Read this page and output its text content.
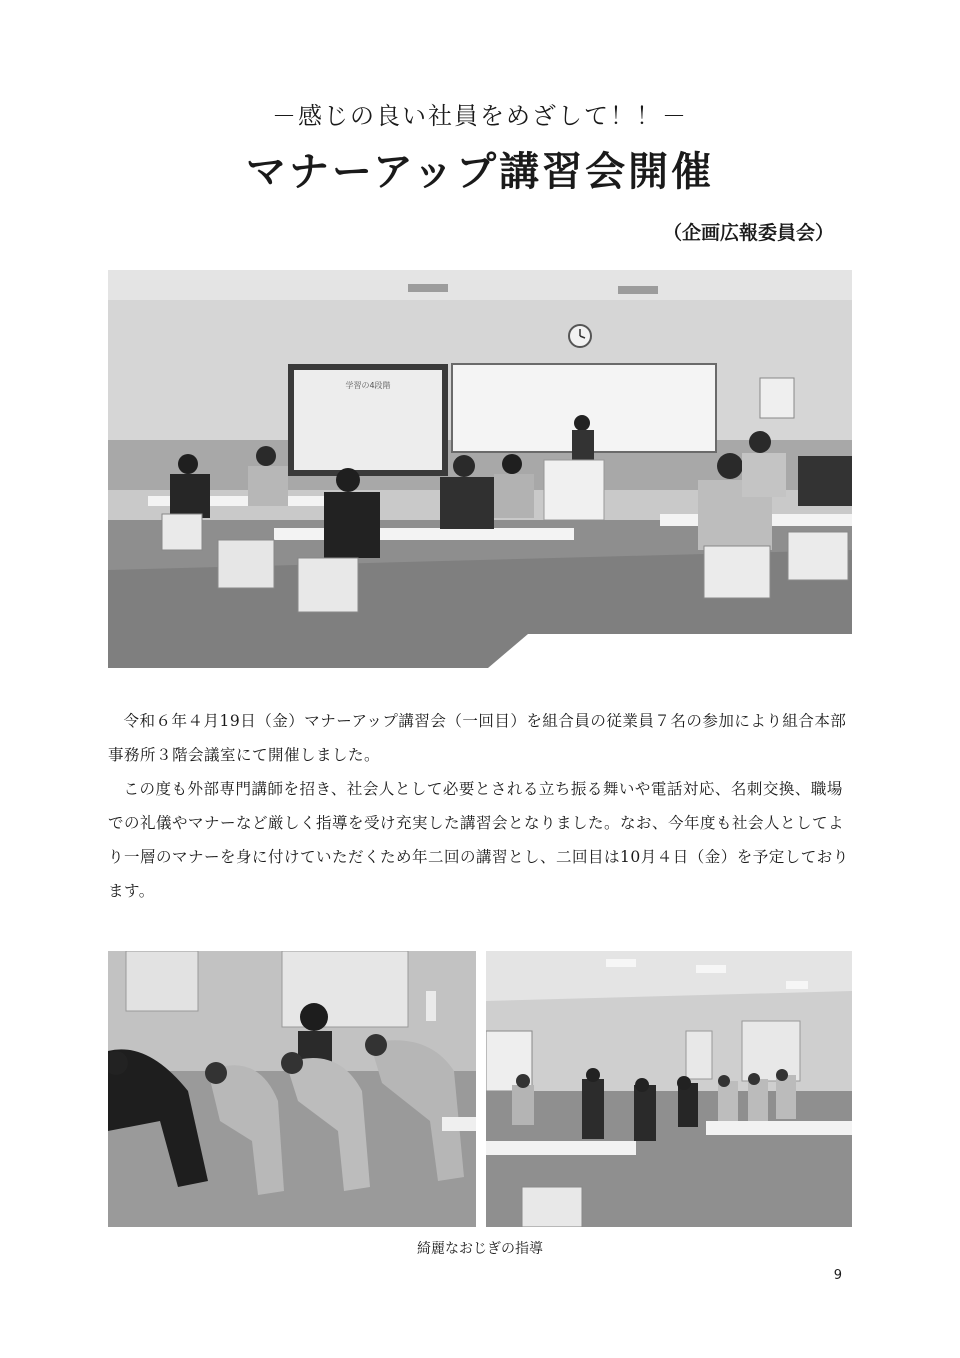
－感じの良い社員をめざして！！－
マナーアップ講習会開催
（企画広報委員会）
学習の4段階

令和６年４月19日（金）マナーアップ講習会（一回目）を組合員の従業員７名の参加により組合本部事務所３階会議室にて開催しました。

この度も外部専門講師を招き、社会人として必要とされる立ち振る舞いや電話対応、名刺交換、職場での礼儀やマナーなど厳しく指導を受け充実した講習会となりました。なお、今年度も社会人としてより一層のマナーを身に付けていただくため年二回の講習とし、二回目は10月４日（金）を予定しております。

綺麗なおじぎの指導
9
